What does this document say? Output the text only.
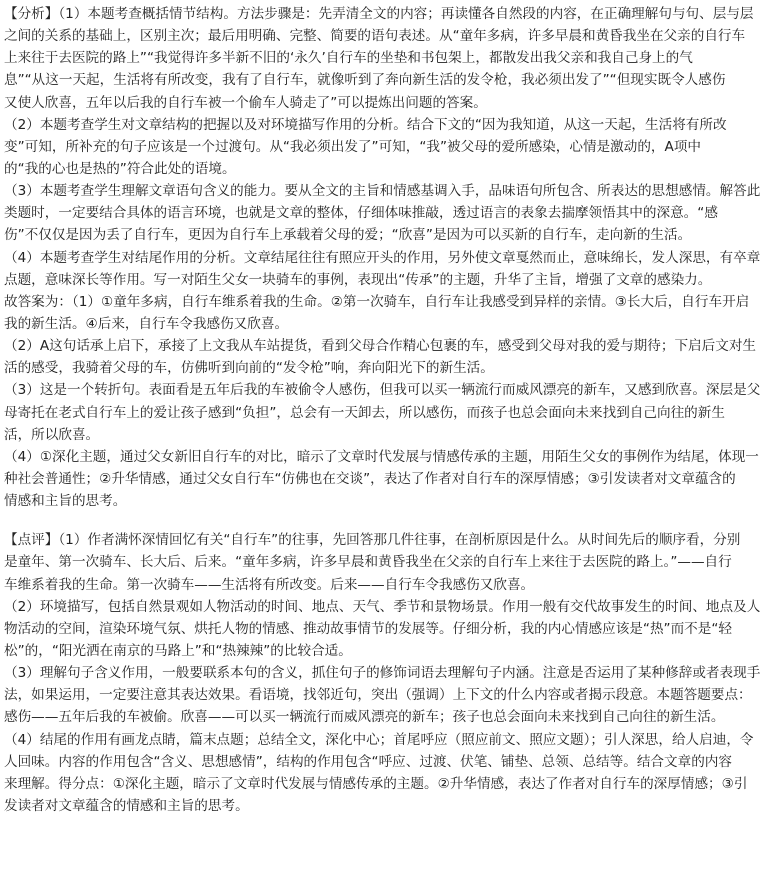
【分析】（1）本题考查概括情节结构。方法步骤是：先弄清全文的内容；再读懂各自然段的内容，在正确理解句与句、层与层
之间的关系的基础上，区别主次；最后用明确、完整、简要的语句表述。从“童年多病，许多早晨和黄昏我坐在父亲的自行车
上来往于去医院的路上”“我觉得许多半新不旧的‘永久’自行车的坐垫和书包架上，都散发出我父亲和我自己身上的气
息”“从这一天起，生活将有所改变，我有了自行车，就像听到了奔向新生活的发令枪，我必须出发了”“但现实既令人感伤
又使人欣喜，五年以后我的自行车被一个偷车人骑走了”可以提炼出问题的答案。
（2）本题考查学生对文章结构的把握以及对环境描写作用的分析。结合下文的“因为我知道，从这一天起，生活将有所改
变”可知，所补充的句子应该是一个过渡句。从“我必须出发了”可知，“我”被父母的爱所感染，心情是激动的，A项中
的“我的心也是热的”符合此处的语境。
（3）本题考查学生理解文章语句含义的能力。要从全文的主旨和情感基调入手，品味语句所包含、所表达的思想感情。解答此
类题时，一定要结合具体的语言环境，也就是文章的整体，仔细体味推敲，透过语言的表象去揣摩领悟其中的深意。“感
伤”不仅仅是因为丢了自行车，更因为自行车上承载着父母的爱；“欣喜”是因为可以买新的自行车，走向新的生活。
（4）本题考查学生对结尾作用的分析。文章结尾往往有照应开头的作用，另外使文章戛然而止，意味绵长，发人深思，有卒章
点题，意味深长等作用。写一对陌生父女一块骑车的事例，表现出“传承”的主题，升华了主旨，增强了文章的感染力。
故答案为：（1）①童年多病，自行车维系着我的生命。②第一次骑车，自行车让我感受到异样的亲情。③长大后，自行车开启
我的新生活。④后来，自行车令我感伤又欣喜。
（2）A这句话承上启下，承接了上文我从车站提货，看到父母合作精心包裹的车，感受到父母对我的爱与期待；下启后文对生
活的感受，我骑着父母的车，仿佛听到向前的“发令枪”响，奔向阳光下的新生活。
（3）这是一个转折句。表面看是五年后我的车被偷令人感伤，但我可以买一辆流行而威风漂亮的新车，又感到欣喜。深层是父
母寄托在老式自行车上的爱让孩子感到“负担”，总会有一天卸去，所以感伤，而孩子也总会面向未来找到自己向往的新生
活，所以欣喜。
（4）①深化主题，通过父女新旧自行车的对比，暗示了文章时代发展与情感传承的主题，用陌生父女的事例作为结尾，体现一
种社会普通性；②升华情感，通过父女自行车“仿佛也在交谈”，表达了作者对自行车的深厚情感；③引发读者对文章蕴含的
情感和主旨的思考。
【点评】（1）作者满怀深情回忆有关“自行车”的往事，先回答那几件往事，在剖析原因是什么。从时间先后的顺序看，分别
是童年、第一次骑车、长大后、后来。“童年多病，许多早晨和黄昏我坐在父亲的自行车上来往于去医院的路上。”——自行
车维系着我的生命。第一次骑车——生活将有所改变。后来——自行车令我感伤又欣喜。
（2）环境描写，包括自然景观如人物活动的时间、地点、天气、季节和景物场景。作用一般有交代故事发生的时间、地点及人
物活动的空间，渲染环境气氛、烘托人物的情感、推动故事情节的发展等。仔细分析，我的内心情感应该是“热”而不是“轻
松”的，“阳光洒在南京的马路上”和“热辣辣”的比较合适。
（3）理解句子含义作用，一般要联系本句的含义，抓住句子的修饰词语去理解句子内涵。注意是否运用了某种修辞或者表现手
法，如果运用，一定要注意其表达效果。看语境，找邻近句，突出（强调）上下文的什么内容或者揭示段意。本题答题要点：
感伤——五年后我的车被偷。欣喜——可以买一辆流行而威风漂亮的新车；孩子也总会面向未来找到自己向往的新生活。
（4）结尾的作用有画龙点睛，篇末点题；总结全文，深化中心；首尾呼应（照应前文、照应文题）；引人深思，给人启迪，令
人回味。内容的作用包含“含义、思想感情”，结构的作用包含“呼应、过渡、伏笔、铺垫、总领、总结等。结合文章的内容
来理解。得分点：①深化主题，暗示了文章时代发展与情感传承的主题。②升华情感，表达了作者对自行车的深厚情感；③引
发读者对文章蕴含的情感和主旨的思考。
